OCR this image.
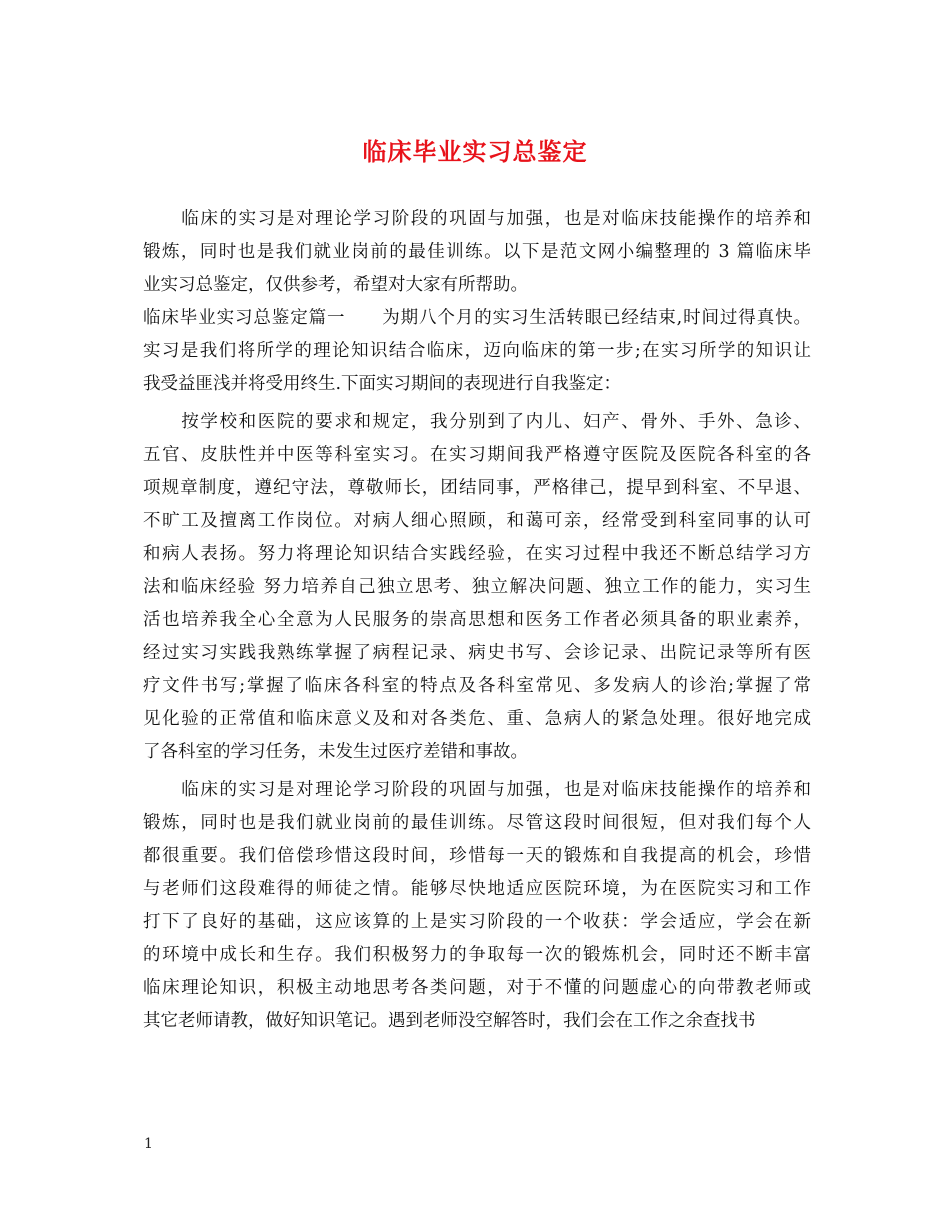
临床毕业实习总鉴定
　　临床的实习是对理论学习阶段的巩固与加强，也是对临床技能操作的培养和
锻炼，同时也是我们就业岗前的最佳训练。以下是范文网小编整理的 3 篇临床毕
业实习总鉴定，仅供参考，希望对大家有所帮助。
临床毕业实习总鉴定篇一　　为期八个月的实习生活转眼已经结束,时间过得真快。
实习是我们将所学的理论知识结合临床，迈向临床的第一步;在实习所学的知识让
我受益匪浅并将受用终生.下面实习期间的表现进行自我鉴定：
　　按学校和医院的要求和规定，我分别到了内儿、妇产、骨外、手外、急诊、
五官、皮肤性并中医等科室实习。在实习期间我严格遵守医院及医院各科室的各
项规章制度，遵纪守法，尊敬师长，团结同事，严格律己，提早到科室、不早退、
不旷工及擅离工作岗位。对病人细心照顾，和蔼可亲，经常受到科室同事的认可
和病人表扬。努力将理论知识结合实践经验，在实习过程中我还不断总结学习方
法和临床经验 努力培养自己独立思考、独立解决问题、独立工作的能力，实习生
活也培养我全心全意为人民服务的崇高思想和医务工作者必须具备的职业素养，
经过实习实践我熟练掌握了病程记录、病史书写、会诊记录、出院记录等所有医
疗文件书写;掌握了临床各科室的特点及各科室常见、多发病人的诊治;掌握了常
见化验的正常值和临床意义及和对各类危、重、急病人的紧急处理。很好地完成
了各科室的学习任务，未发生过医疗差错和事故。
　　临床的实习是对理论学习阶段的巩固与加强，也是对临床技能操作的培养和
锻炼，同时也是我们就业岗前的最佳训练。尽管这段时间很短，但对我们每个人
都很重要。我们倍偿珍惜这段时间，珍惜每一天的锻炼和自我提高的机会，珍惜
与老师们这段难得的师徒之情。能够尽快地适应医院环境，为在医院实习和工作
打下了良好的基础，这应该算的上是实习阶段的一个收获：学会适应，学会在新
的环境中成长和生存。我们积极努力的争取每一次的锻炼机会，同时还不断丰富
临床理论知识，积极主动地思考各类问题，对于不懂的问题虚心的向带教老师或
其它老师请教，做好知识笔记。遇到老师没空解答时，我们会在工作之余查找书
1
